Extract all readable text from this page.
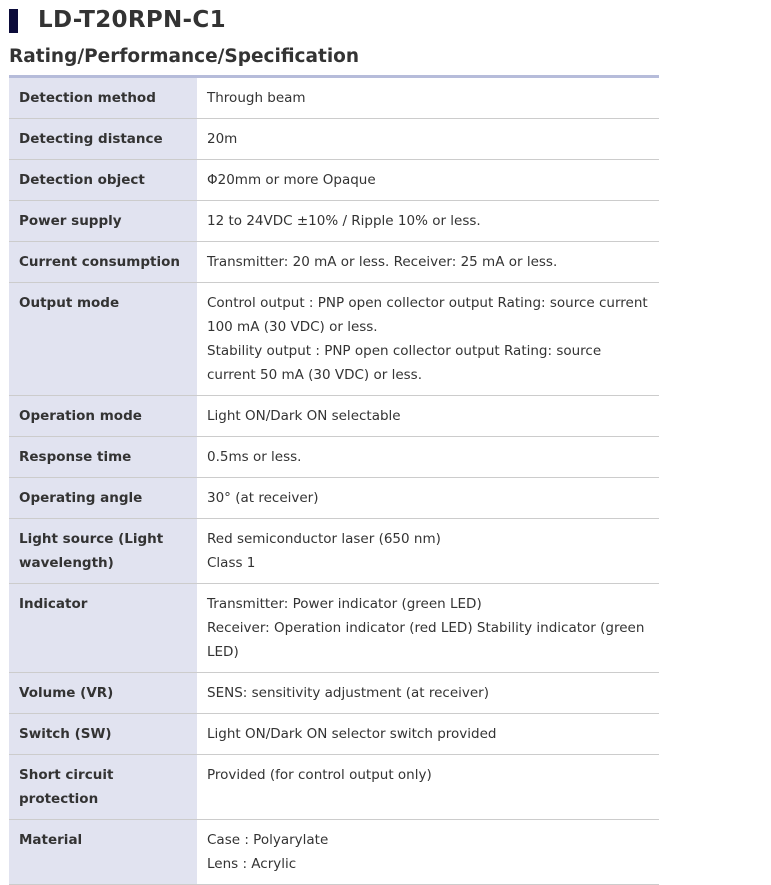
LD-T20RPN-C1
Rating/Performance/Specification
Detection method	Through beam

Detecting distance	20m

Detection object	Φ20mm or more Opaque

Power supply	12 to 24VDC ±10% / Ripple 10% or less.

Current consumption	Transmitter: 20 mA or less. Receiver: 25 mA or less.

Output mode	Control output : PNP open collector output Rating: source current 100 mA (30 VDC) or less.
Stability output : PNP open collector output Rating: source current 50 mA (30 VDC) or less.

Operation mode	Light ON/Dark ON selectable

Response time	0.5ms or less.

Operating angle	30° (at receiver)

Light source (Light wavelength)	Red semiconductor laser (650 nm)
Class 1

Indicator	Transmitter: Power indicator (green LED)
Receiver: Operation indicator (red LED) Stability indicator (green LED)

Volume (VR)	SENS: sensitivity adjustment (at receiver)

Switch (SW)	Light ON/Dark ON selector switch provided

Short circuit protection	Provided (for control output only)

Material	Case : Polyarylate
Lens : Acrylic
